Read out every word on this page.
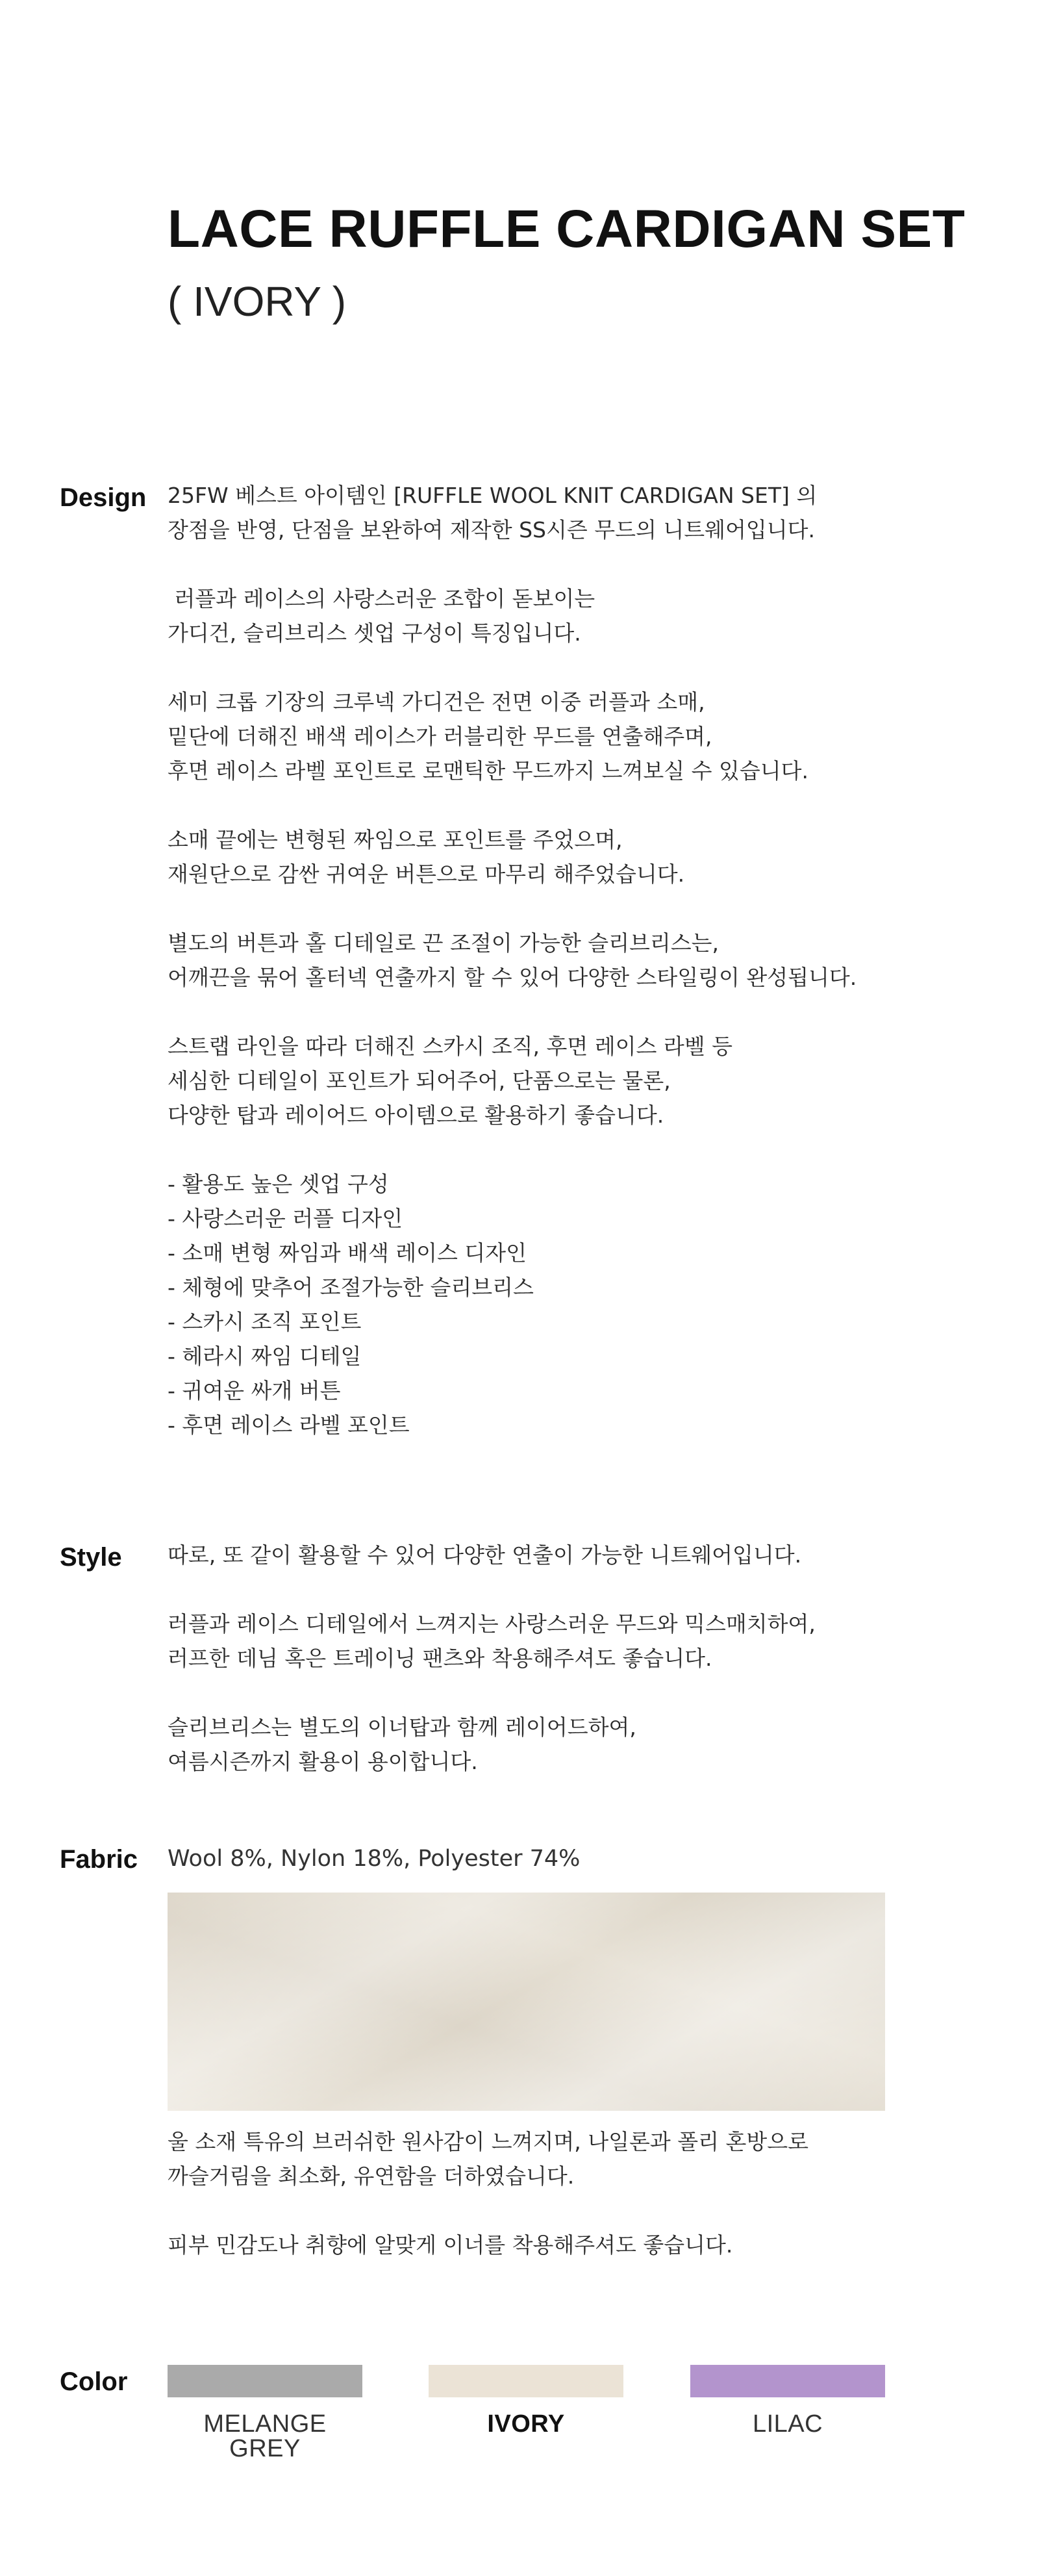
LACE RUFFLE CARDIGAN SET
( IVORY )
Design 25FW 베스트 아이템인 [RUFFLE WOOL KNIT CARDIGAN SET] 의
장점을 반영, 단점을 보완하여 제작한 SS시즌 무드의 니트웨어입니다.
러플과 레이스의 사랑스러운 조합이 돋보이는
가디건, 슬리브리스 셋업 구성이 특징입니다.
세미 크롭 기장의 크루넥 가디건은 전면 이중 러플과 소매,
밑단에 더해진 배색 레이스가 러블리한 무드를 연출해주며,
후면 레이스 라벨 포인트로 로맨틱한 무드까지 느껴보실 수 있습니다.
소매 끝에는 변형된 짜임으로 포인트를 주었으며,
재원단으로 감싼 귀여운 버튼으로 마무리 해주었습니다.
별도의 버튼과 홀 디테일로 끈 조절이 가능한 슬리브리스는,
어깨끈을 묶어 홀터넥 연출까지 할 수 있어 다양한 스타일링이 완성됩니다.
스트랩 라인을 따라 더해진 스카시 조직, 후면 레이스 라벨 등
세심한 디테일이 포인트가 되어주어, 단품으로는 물론,
다양한 탑과 레이어드 아이템으로 활용하기 좋습니다.
- 활용도 높은 셋업 구성
- 사랑스러운 러플 디자인
- 소매 변형 짜임과 배색 레이스 디자인
- 체형에 맞추어 조절가능한 슬리브리스
- 스카시 조직 포인트
- 헤라시 짜임 디테일
- 귀여운 싸개 버튼
- 후면 레이스 라벨 포인트
Style 따로, 또 같이 활용할 수 있어 다양한 연출이 가능한 니트웨어입니다.
러플과 레이스 디테일에서 느껴지는 사랑스러운 무드와 믹스매치하여,
러프한 데님 혹은 트레이닝 팬츠와 착용해주셔도 좋습니다.
슬리브리스는 별도의 이너탑과 함께 레이어드하여,
여름시즌까지 활용이 용이합니다.
Fabric Wool 8%, Nylon 18%, Polyester 74%
울 소재 특유의 브러쉬한 원사감이 느껴지며, 나일론과 폴리 혼방으로
까슬거림을 최소화, 유연함을 더하였습니다.
피부 민감도나 취향에 알맞게 이너를 착용해주셔도 좋습니다.
Color
MELANGE GREY
IVORY	LILAC
